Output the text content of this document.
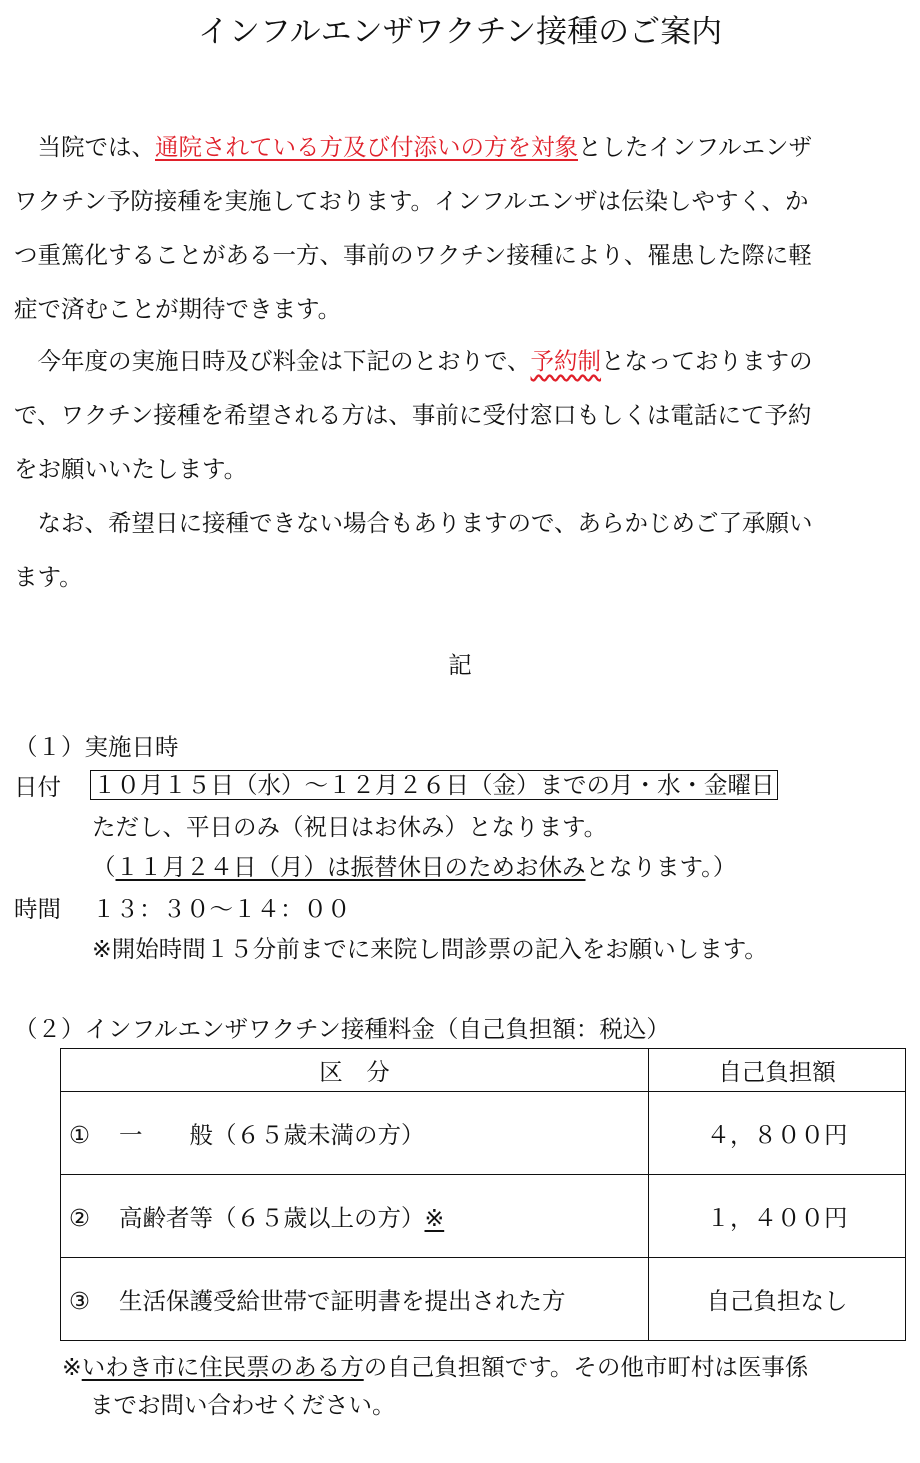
インフルエンザワクチン接種のご案内
　当院では、通院されている方及び付添いの方を対象としたインフルエンザ
ワクチン予防接種を実施しております。インフルエンザは伝染しやすく、か
つ重篤化することがある一方、事前のワクチン接種により、罹患した際に軽
症で済むことが期待できます。
　今年度の実施日時及び料金は下記のとおりで、予約制となっておりますの
で、ワクチン接種を希望される方は、事前に受付窓口もしくは電話にて予約
をお願いいたします。
　なお、希望日に接種できない場合もありますので、あらかじめご了承願い
ます。
記
（１）実施日時
日付 １０月１５日（水）～１２月２６日（金）までの月・水・金曜日
ただし、平日のみ（祝日はお休み）となります。
（１１月２４日（月）は振替休日のためお休みとなります。）
時間 １３：３０～１４：００
※開始時間１５分前までに来院し問診票の記入をお願いします。
（２）インフルエンザワクチン接種料金（自己負担額：税込）
区　分	自己負担額
① 一　　般（６５歳未満の方）	４，８００円
② 高齢者等（６５歳以上の方）※	１，４００円
③ 生活保護受給世帯で証明書を提出された方	自己負担なし
※いわき市に住民票のある方の自己負担額です。その他市町村は医事係
までお問い合わせください。
